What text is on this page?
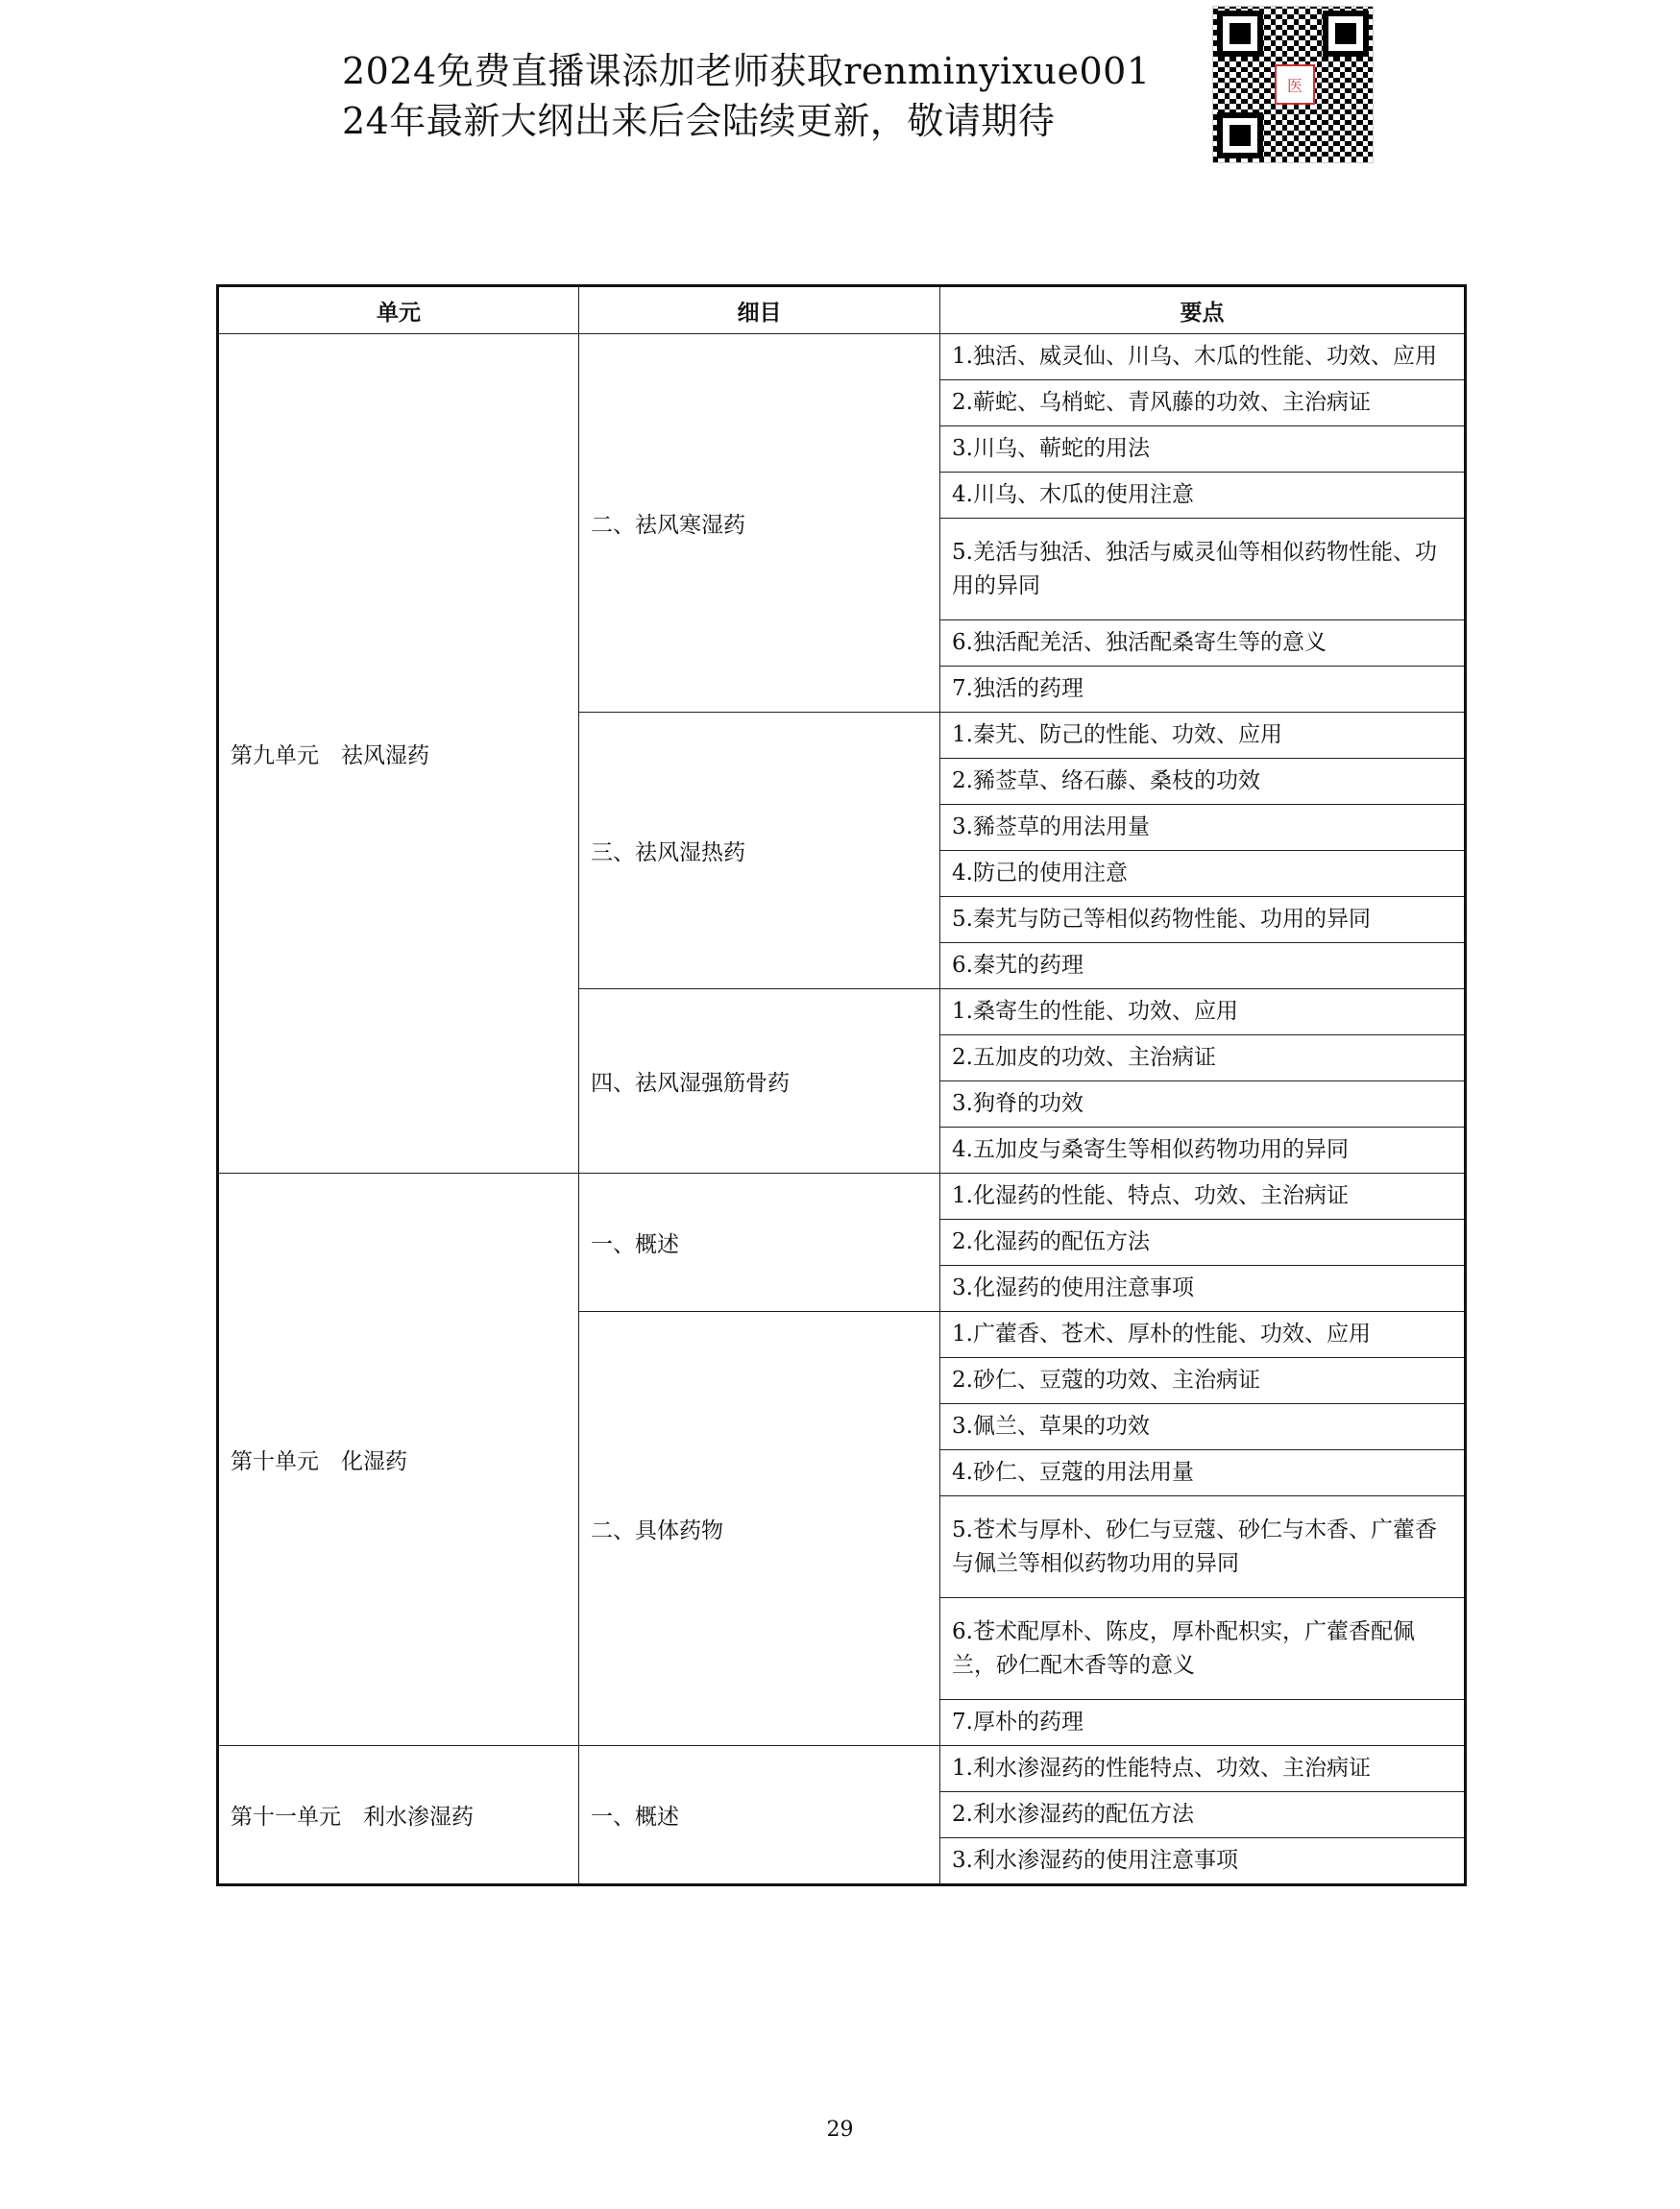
2024免费直播课添加老师获取renminyixue001
24年最新大纲出来后会陆续更新，敬请期待
医
单元	细目	要点
第九单元　祛风湿药	二、祛风寒湿药	1.独活、威灵仙、川乌、木瓜的性能、功效、应用
		2.蕲蛇、乌梢蛇、青风藤的功效、主治病证
		3.川乌、蕲蛇的用法
		4.川乌、木瓜的使用注意
		5.羌活与独活、独活与威灵仙等相似药物性能、功用的异同
		6.独活配羌活、独活配桑寄生等的意义
		7.独活的药理
	三、祛风湿热药	1.秦艽、防己的性能、功效、应用
		2.豨莶草、络石藤、桑枝的功效
		3.豨莶草的用法用量
		4.防己的使用注意
		5.秦艽与防己等相似药物性能、功用的异同
		6.秦艽的药理
	四、祛风湿强筋骨药	1.桑寄生的性能、功效、应用
		2.五加皮的功效、主治病证
		3.狗脊的功效
		4.五加皮与桑寄生等相似药物功用的异同
第十单元　化湿药	一、概述	1.化湿药的性能、特点、功效、主治病证
		2.化湿药的配伍方法
		3.化湿药的使用注意事项
	二、具体药物	1.广藿香、苍术、厚朴的性能、功效、应用
		2.砂仁、豆蔻的功效、主治病证
		3.佩兰、草果的功效
		4.砂仁、豆蔻的用法用量
		5.苍术与厚朴、砂仁与豆蔻、砂仁与木香、广藿香与佩兰等相似药物功用的异同
		6.苍术配厚朴、陈皮，厚朴配枳实，广藿香配佩兰，砂仁配木香等的意义
		7.厚朴的药理
第十一单元　利水渗湿药	一、概述	1.利水渗湿药的性能特点、功效、主治病证
		2.利水渗湿药的配伍方法
		3.利水渗湿药的使用注意事项
29
